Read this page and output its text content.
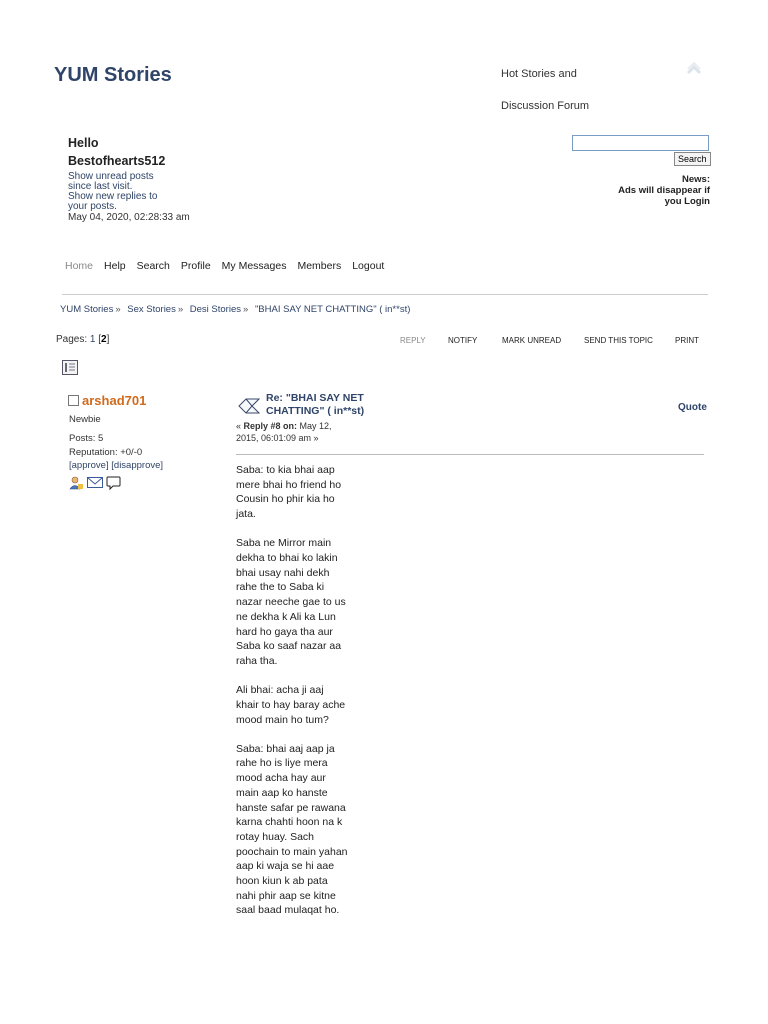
YUM Stories	Hot Stories and Discussion Forum
Hello
Bestofhearts512
Show unread posts since last visit.
Show new replies to your posts.
May 04, 2020, 02:28:33 am
Search
News:
Ads will disappear if you Login
Home Help Search Profile My Messages Members Logout
YUM Stories » Sex Stories » Desi Stories » "BHAI SAY NET CHATTING" ( in**st)
Pages: 1 [2]	REPLY	NOTIFY	MARK UNREAD	SEND THIS TOPIC	PRINT
arshad701
Newbie
Posts: 5
Reputation: +0/-0
[approve] [disapprove]
Re: "BHAI SAY NET CHATTING" ( in**st)
« Reply #8 on: May 12, 2015, 06:01:09 am »
Quote

Saba: to kia bhai aap mere bhai ho friend ho Cousin ho phir kia ho jata.

Saba ne Mirror main dekha to bhai ko lakin bhai usay nahi dekh rahe the to Saba ki nazar neeche gae to us ne dekha k Ali ka Lun hard ho gaya tha aur Saba ko saaf nazar aa raha tha.

Ali bhai: acha ji aaj khair to hay baray ache mood main ho tum?

Saba: bhai aaj aap ja rahe ho is liye mera mood acha hay aur main aap ko hanste hanste safar pe rawana karna chahti hoon na k rotay huay. Sach poochain to main yahan aap ki waja se hi aae hoon kiun k ab pata nahi phir aap se kitne saal baad mulaqat ho.
